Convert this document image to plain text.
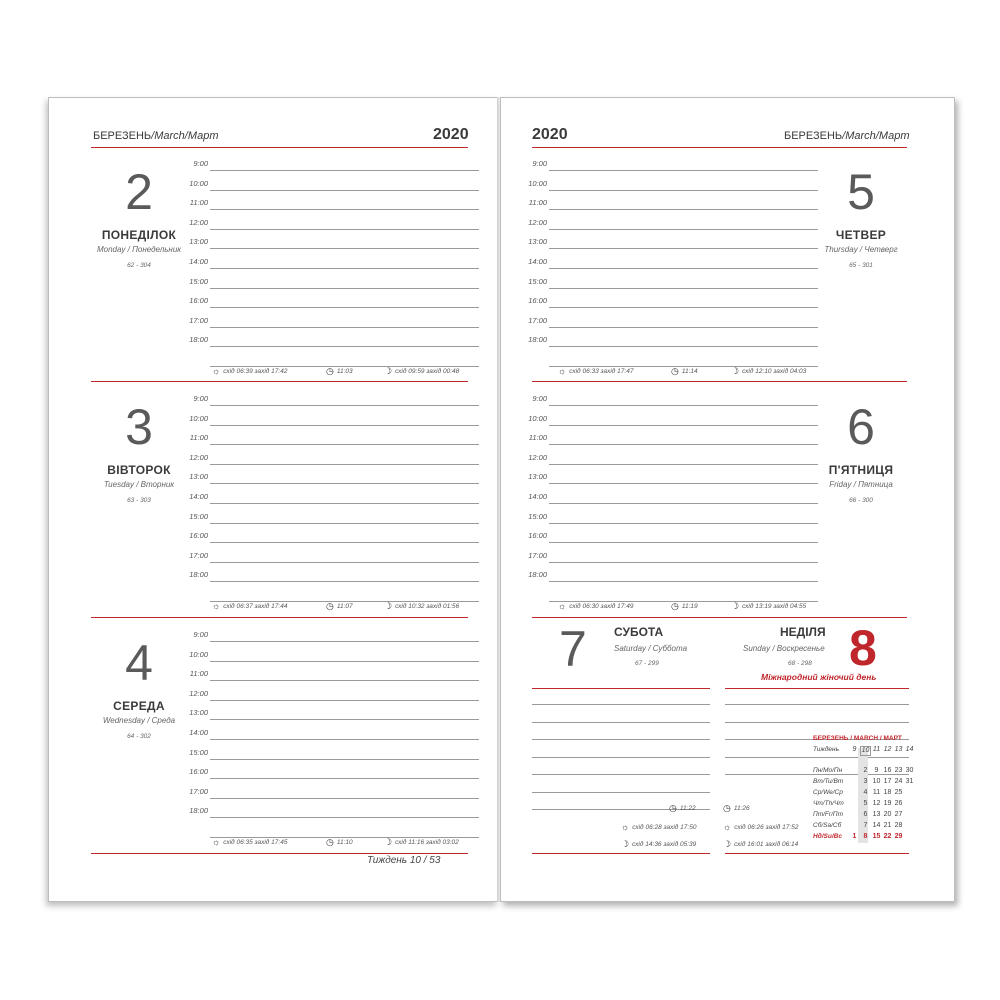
БЕРЕЗЕНЬ/March/Март	2020
2
ПОНЕДІЛОК
Monday / Понедельник
62 - 304
9:00
10:00
11:00
12:00
13:00
14:00
15:00
16:00
17:00
18:00
☼ схід 06:39 захід 17:42	◷ 11:03	☽ схід 09:59 захід 00:48
3
ВІВТОРОК
Tuesday / Вторник
63 - 303
9:00
10:00
11:00
12:00
13:00
14:00
15:00
16:00
17:00
18:00
☼ схід 06:37 захід 17:44	◷ 11:07	☽ схід 10:32 захід 01:56
4
СЕРЕДА
Wednesday / Среда
64 - 302
9:00
10:00
11:00
12:00
13:00
14:00
15:00
16:00
17:00
18:00
☼ схід 06:35 захід 17:45	◷ 11:10	☽ схід 11:16 захід 03:02
Тиждень 10 / 53
2020	БЕРЕЗЕНЬ/March/Март
9:00
10:00
11:00
12:00
13:00
14:00
15:00
16:00
17:00
18:00
5
ЧЕТВЕР
Thursday / Четверг
65 - 301
☼ схід 06:33 захід 17:47	◷ 11:14	☽ схід 12:10 захід 04:03
9:00
10:00
11:00
12:00
13:00
14:00
15:00
16:00
17:00
18:00
6
П'ЯТНИЦЯ
Friday / Пятница
66 - 300
☼ схід 06:30 захід 17:49	◷ 11:19	☽ схід 13:19 захід 04:55
7 СУБОТА
Saturday / Суббота
67 - 299
НЕДІЛЯ
Sunday / Воскресенье
68 - 298 8
Міжнародний жіночий день
◷ 11:22
☼ схід 06:28 захід 17:50
☽ схід 14:36 захід 05:39
◷ 11:26
☼ схід 06:26 захід 17:52
☽ схід 16:01 захід 06:14
БЕРЕЗЕНЬ / MARCH / МАРТ
Тиждень	9 10 11 12 13 14
Пн/Мо/Пн	2	9 16 23 30
Вт/Tu/Вт	3 10 17 24 31
Ср/We/Ср	4 11 18 25
Чт/Th/Чт	5 12 19 26
Пт/Fr/Пт	6 13 20 27
Сб/Sa/Сб	7 14 21 28
Нд/Su/Вс	1	8 15 22 29
